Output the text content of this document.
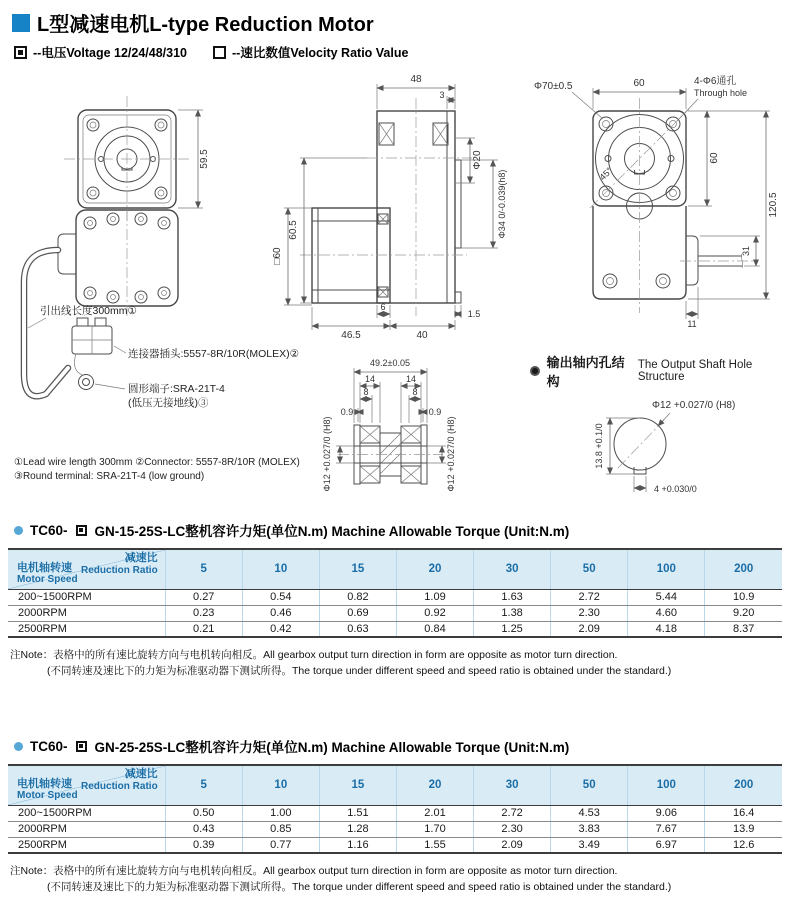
L型减速电机L-type Reduction Motor
--电压Voltage 12/24/48/310	--速比数值Velocity Ratio Value
59.5
引出线长度300mm①
连接器插头:5557-8R/10R(MOLEX)②
圆形端子:SRA-21T-4
(低压无接地线)③
48
3
Φ20
Φ34 0/-0.039(h8)
60.5
□60
6
1.5
46.5	40
45°
60
Φ70±0.5	4-Φ6通孔
Through hole
60
120.5
31
11
49.2±0.05
14	14
8	8
0.9	0.9
Φ12 +0.027/0 (H8)	Φ12 +0.027/0 (H8)
输出轴内孔结构
The Output Shaft Hole Structure
Φ12 +0.027/0 (H8)
13.8 +0.1/0
4 +0.030/0
①Lead wire length 300mm ②Connector: 5557-8R/10R (MOLEX)
③Round terminal: SRA-21T-4 (low ground)
TC60- GN-15-25S-LC整机容许力矩(单位N.m) Machine Allowable Torque (Unit:N.m)
减速比
Reduction Ratio
电机轴转速
Motor Speed	5	10	15	20	30	50	100	200
200~1500RPM	0.27	0.54	0.82	1.09	1.63	2.72	5.44	10.9
2000RPM	0.23	0.46	0.69	0.92	1.38	2.30	4.60	9.20
2500RPM	0.21	0.42	0.63	0.84	1.25	2.09	4.18	8.37
注Note：表格中的所有速比旋转方向与电机转向相反。All gearbox output turn direction in form are opposite as motor turn direction.
(不同转速及速比下的力矩为标准驱动器下测试所得。The torque under different speed and speed ratio is obtained under the standard.)
TC60- GN-25-25S-LC整机容许力矩(单位N.m) Machine Allowable Torque (Unit:N.m)
减速比
Reduction Ratio
电机轴转速
Motor Speed	5	10	15	20	30	50	100	200
200~1500RPM	0.50	1.00	1.51	2.01	2.72	4.53	9.06	16.4
2000RPM	0.43	0.85	1.28	1.70	2.30	3.83	7.67	13.9
2500RPM	0.39	0.77	1.16	1.55	2.09	3.49	6.97	12.6
注Note：表格中的所有速比旋转方向与电机转向相反。All gearbox output turn direction in form are opposite as motor turn direction.
(不同转速及速比下的力矩为标准驱动器下测试所得。The torque under different speed and speed ratio is obtained under the standard.)
